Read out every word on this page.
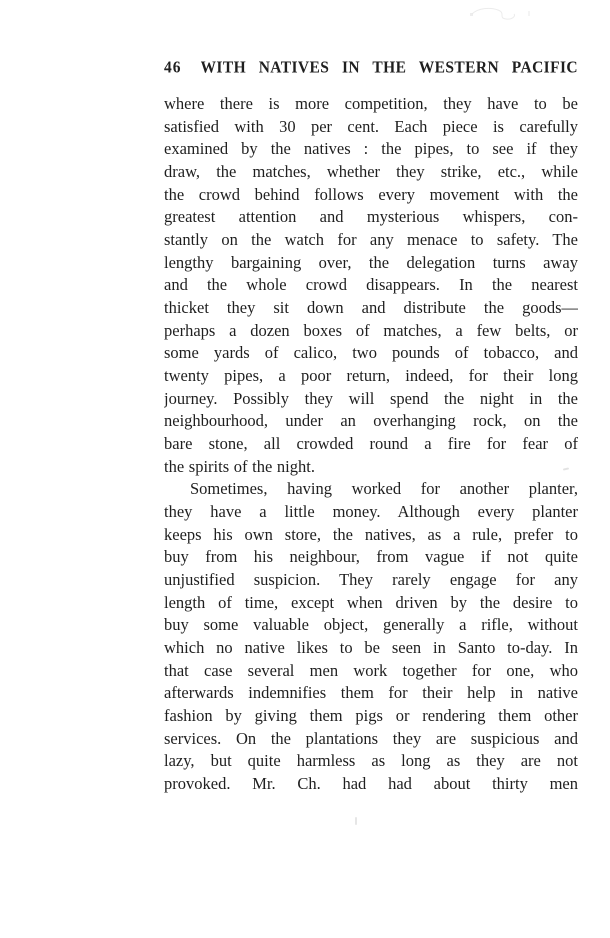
46 WITH NATIVES IN THE WESTERN PACIFIC
where there is more competition, they have to be
satisfied with 30 per cent. Each piece is carefully
examined by the natives : the pipes, to see if they
draw, the matches, whether they strike, etc., while
the crowd behind follows every movement with the
greatest attention and mysterious whispers, con-
stantly on the watch for any menace to safety. The
lengthy bargaining over, the delegation turns away
and the whole crowd disappears. In the nearest
thicket they sit down and distribute the goods—
perhaps a dozen boxes of matches, a few belts, or
some yards of calico, two pounds of tobacco, and
twenty pipes, a poor return, indeed, for their long
journey. Possibly they will spend the night in the
neighbourhood, under an overhanging rock, on the
bare stone, all crowded round a fire for fear of
the spirits of the night.
Sometimes, having worked for another planter,
they have a little money. Although every planter
keeps his own store, the natives, as a rule, prefer to
buy from his neighbour, from vague if not quite
unjustified suspicion. They rarely engage for any
length of time, except when driven by the desire to
buy some valuable object, generally a rifle, without
which no native likes to be seen in Santo to-day. In
that case several men work together for one, who
afterwards indemnifies them for their help in native
fashion by giving them pigs or rendering them other
services. On the plantations they are suspicious and
lazy, but quite harmless as long as they are not
provoked. Mr. Ch. had had about thirty men
